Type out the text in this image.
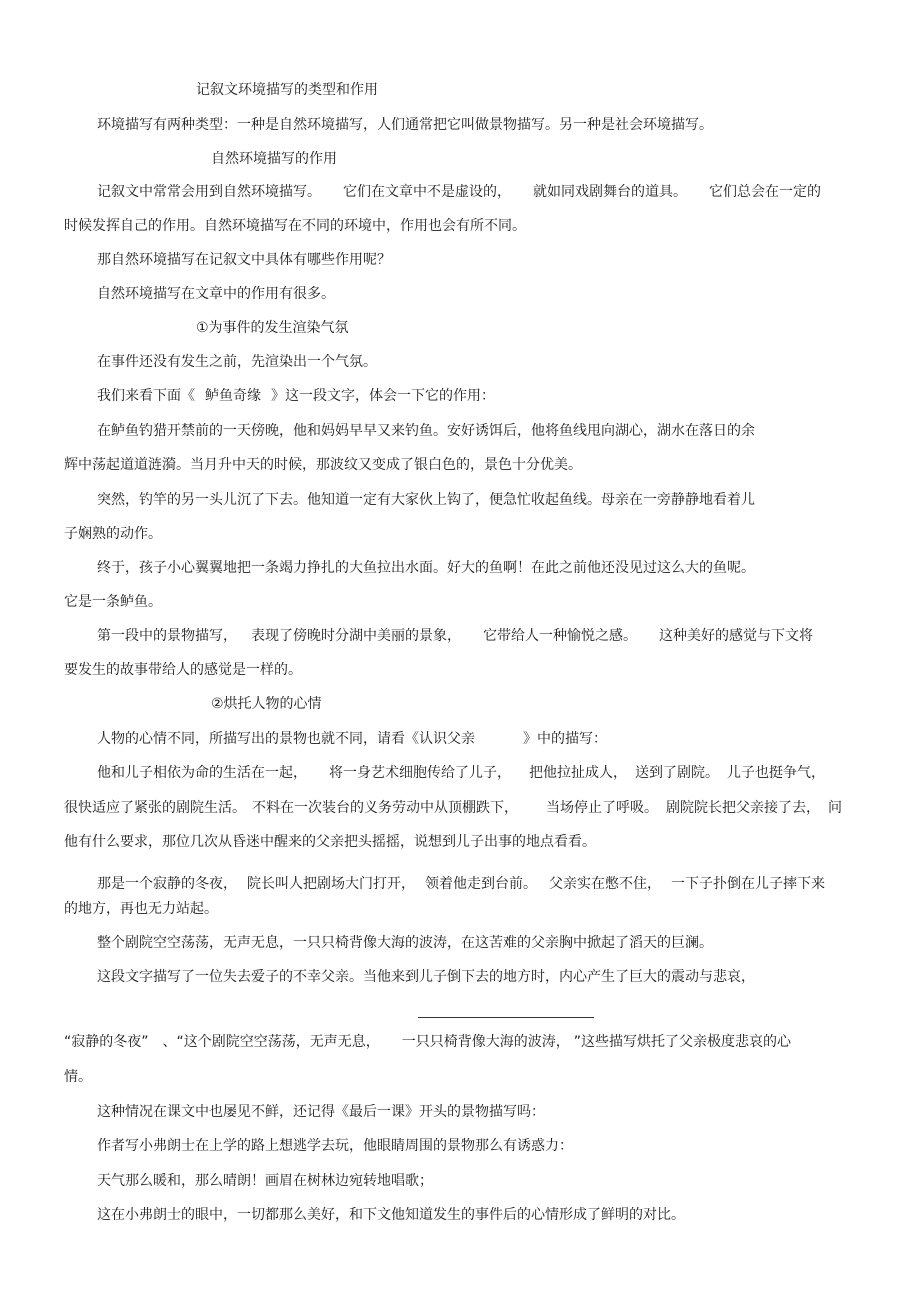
记叙文环境描写的类型和作用
环境描写有两种类型：一种是自然环境描写，人们通常把它叫做景物描写。另一种是社会环境描写。
自然环境描写的作用
记叙文中常常会用到自然环境描写。 它们在文章中不是虚设的， 就如同戏剧舞台的道具。 它们总会在一定的
时候发挥自己的作用。自然环境描写在不同的环境中，作用也会有所不同。
那自然环境描写在记叙文中具体有哪些作用呢？
自然环境描写在文章中的作用有很多。
①为事件的发生渲染气氛
在事件还没有发生之前，先渲染出一个气氛。
我们来看下面《 鲈鱼奇缘 》这一段文字，体会一下它的作用：
在鲈鱼钓猎开禁前的一天傍晚，他和妈妈早早又来钓鱼。安好诱饵后，他将鱼线甩向湖心，湖水在落日的余
辉中荡起道道涟漪。当月升中天的时候，那波纹又变成了银白色的，景色十分优美。
突然，钓竿的另一头儿沉了下去。他知道一定有大家伙上钩了，便急忙收起鱼线。母亲在一旁静静地看着儿
子娴熟的动作。
终于，孩子小心翼翼地把一条竭力挣扎的大鱼拉出水面。好大的鱼啊！在此之前他还没见过这么大的鱼呢。
它是一条鲈鱼。
第一段中的景物描写， 表现了傍晚时分湖中美丽的景象， 它带给人一种愉悦之感。 这种美好的感觉与下文将
要发生的故事带给人的感觉是一样的。
②烘托人物的心情
人物的心情不同，所描写出的景物也就不同，请看《认识父亲	》中的描写：
他和儿子相依为命的生活在一起， 将一身艺术细胞传给了儿子， 把他拉扯成人， 送到了剧院。 儿子也挺争气，
很快适应了紧张的剧院生活。 不料在一次装台的义务劳动中从顶棚跌下， 当场停止了呼吸。 剧院院长把父亲接了去， 问
他有什么要求，那位几次从昏迷中醒来的父亲把头摇摇，说想到儿子出事的地点看看。
那是一个寂静的冬夜， 院长叫人把剧场大门打开， 领着他走到台前。 父亲实在憋不住， 一下子扑倒在儿子摔下来
的地方，再也无力站起。
整个剧院空空荡荡，无声无息，一只只椅背像大海的波涛，在这苦难的父亲胸中掀起了滔天的巨澜。
这段文字描写了一位失去爱子的不幸父亲。当他来到儿子倒下去的地方时，内心产生了巨大的震动与悲哀，
“寂静的冬夜” 、“这个剧院空空荡荡，无声无息， 一只只椅背像大海的波涛， ”这些描写烘托了父亲极度悲哀的心
情。
这种情况在课文中也屡见不鲜，还记得《最后一课》开头的景物描写吗：
作者写小弗朗士在上学的路上想逃学去玩，他眼睛周围的景物那么有诱惑力：
天气那么暖和，那么晴朗！画眉在树林边宛转地唱歌；
这在小弗朗士的眼中，一切都那么美好，和下文他知道发生的事件后的心情形成了鲜明的对比。
